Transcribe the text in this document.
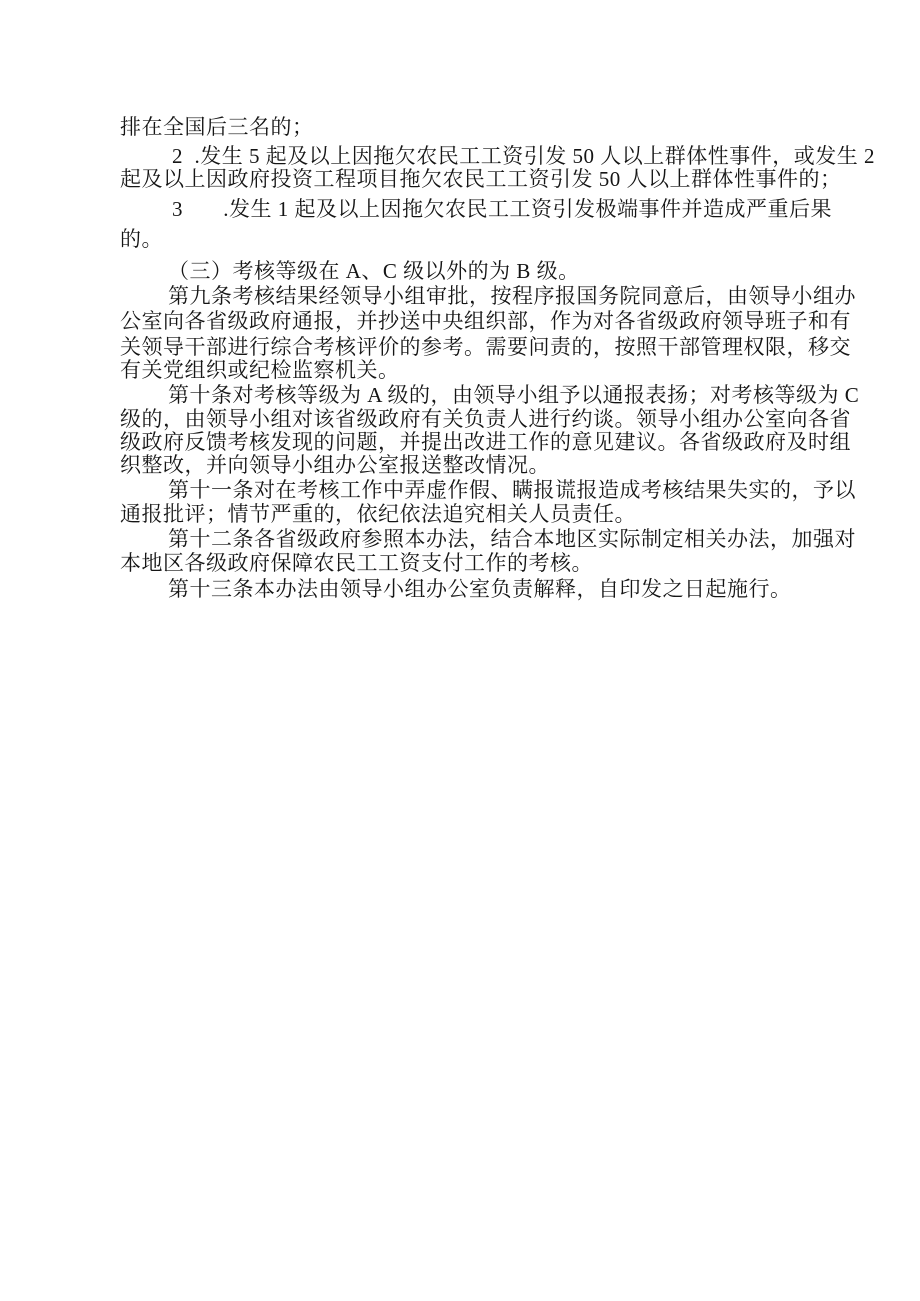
排在全国后三名的；

2  .发生 5 起及以上因拖欠农民工工资引发 50 人以上群体性事件，或发生 2

起及以上因政府投资工程项目拖欠农民工工资引发 50 人以上群体性事件的；

3       .发生 1 起及以上因拖欠农民工工资引发极端事件并造成严重后果

的。

（三）考核等级在 A、C 级以外的为 B 级。

第九条考核结果经领导小组审批，按程序报国务院同意后，由领导小组办

公室向各省级政府通报，并抄送中央组织部，作为对各省级政府领导班子和有

关领导干部进行综合考核评价的参考。需要问责的，按照干部管理权限，移交

有关党组织或纪检监察机关。

第十条对考核等级为 A 级的，由领导小组予以通报表扬；对考核等级为 C

级的，由领导小组对该省级政府有关负责人进行约谈。领导小组办公室向各省

级政府反馈考核发现的问题，并提出改进工作的意见建议。各省级政府及时组

织整改，并向领导小组办公室报送整改情况。

第十一条对在考核工作中弄虚作假、瞒报谎报造成考核结果失实的，予以

通报批评；情节严重的，依纪依法追究相关人员责任。

第十二条各省级政府参照本办法，结合本地区实际制定相关办法，加强对

本地区各级政府保障农民工工资支付工作的考核。

第十三条本办法由领导小组办公室负责解释，自印发之日起施行。
